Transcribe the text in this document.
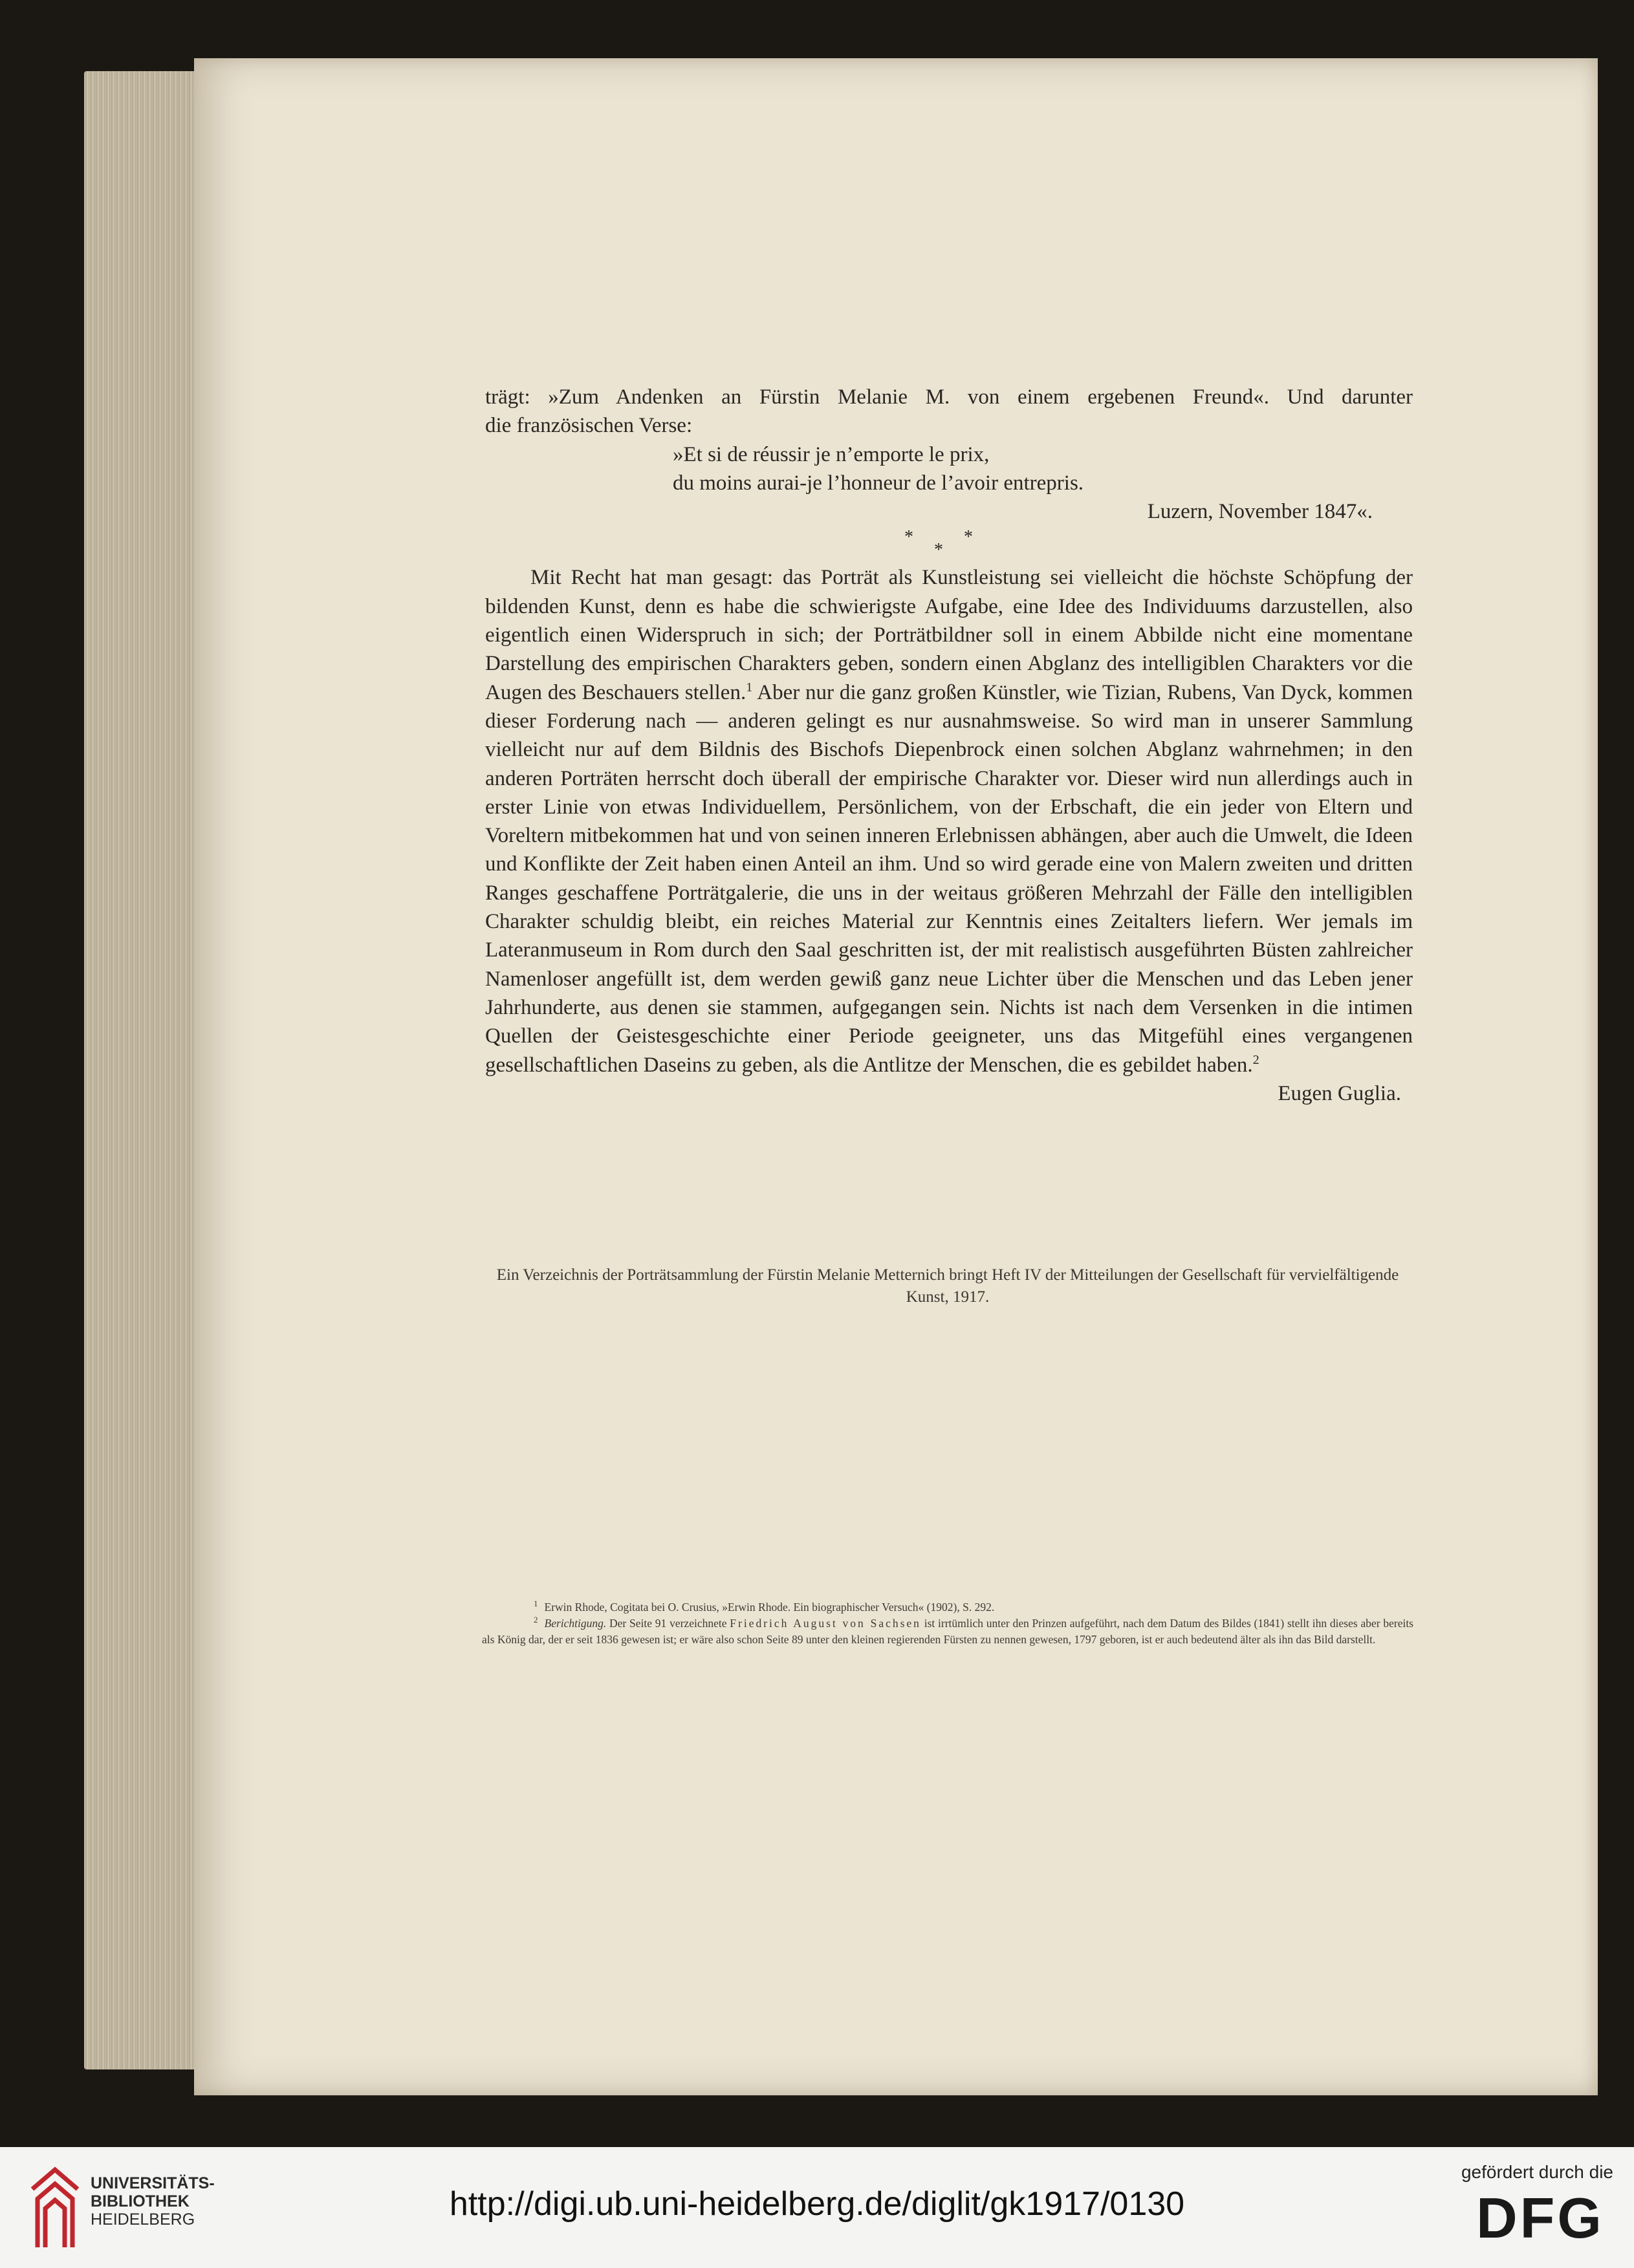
trägt: »Zum Andenken an Fürstin Melanie M. von einem ergebenen Freund«. Und darunter

die französischen Verse:

»Et si de réussir je n’emporte le prix,

du moins aurai-je l’honneur de l’avoir entrepris.

Luzern, November 1847«.

*	*
*

Mit Recht hat man gesagt: das Porträt als Kunstleistung sei vielleicht die höchste Schöpfung der bildenden Kunst, denn es habe die schwierigste Aufgabe, eine Idee des Individuums darzustellen, also eigentlich einen Widerspruch in sich; der Porträtbildner soll in einem Abbilde nicht eine momentane Darstellung des empirischen Charakters geben, sondern einen Abglanz des intelligiblen Charakters vor die Augen des Beschauers stellen.$^1$ Aber nur die ganz großen Künstler, wie Tizian, Rubens, Van Dyck, kommen dieser Forderung nach — anderen gelingt es nur ausnahmsweise. So wird man in unserer Sammlung vielleicht nur auf dem Bildnis des Bischofs Diepenbrock einen solchen Abglanz wahrnehmen; in den anderen Porträten herrscht doch überall der empirische Charakter vor. Dieser wird nun allerdings auch in erster Linie von etwas Individuellem, Persönlichem, von der Erbschaft, die ein jeder von Eltern und Voreltern mitbekommen hat und von seinen inneren Erlebnissen abhängen, aber auch die Umwelt, die Ideen und Konflikte der Zeit haben einen Anteil an ihm. Und so wird gerade eine von Malern zweiten und dritten Ranges geschaffene Porträtgalerie, die uns in der weitaus größeren Mehrzahl der Fälle den intelligiblen Charakter schuldig bleibt, ein reiches Material zur Kenntnis eines Zeitalters liefern. Wer jemals im Lateranmuseum in Rom durch den Saal geschritten ist, der mit realistisch ausgeführten Büsten zahlreicher Namenloser angefüllt ist, dem werden gewiß ganz neue Lichter über die Menschen und das Leben jener Jahrhunderte, aus denen sie stammen, aufgegangen sein. Nichts ist nach dem Versenken in die intimen Quellen der Geistesgeschichte einer Periode geeigneter, uns das Mitgefühl eines vergangenen gesellschaftlichen Daseins zu geben, als die Antlitze der Menschen, die es gebildet haben.$^2$

Eugen Guglia.

Ein Verzeichnis der Porträtsammlung der Fürstin Melanie Metternich bringt Heft IV der Mitteilungen der Gesellschaft für vervielfältigende Kunst, 1917.

$^1$ Erwin Rhode, Cogitata bei O. Crusius, »Erwin Rhode. Ein biographischer Versuch« (1902), S. 292.

$^2$ Berichtigung. Der Seite 91 verzeichnete Friedrich August von Sachsen ist irrtümlich unter den Prinzen aufgeführt, nach dem Datum des Bildes (1841) stellt ihn dieses aber bereits als König dar, der er seit 1836 gewesen ist; er wäre also schon Seite 89 unter den kleinen regierenden Fürsten zu nennen gewesen, 1797 geboren, ist er auch bedeutend älter als ihn das Bild darstellt.

UNIVERSITÄTS-
BIBLIOTHEK
HEIDELBERG	http://digi.ub.uni-heidelberg.de/diglit/gk1917/0130
gefördert durch die
DFG
